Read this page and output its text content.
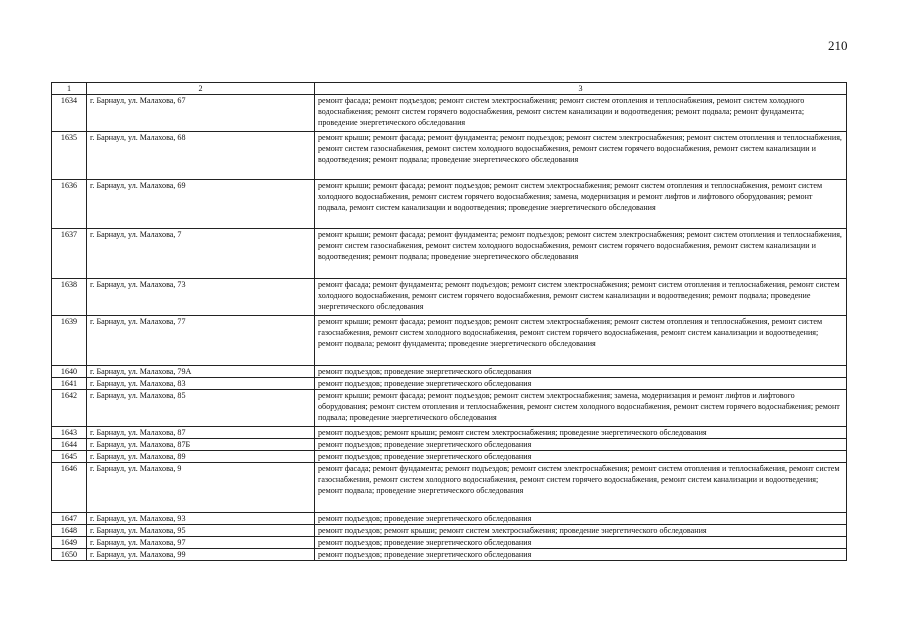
210
1	2	3
1634	г. Барнаул, ул. Малахова, 67	ремонт фасада; ремонт подъездов; ремонт систем электроснабжения; ремонт систем отопления и теплоснабжения, ремонт систем холодного водоснабжения; ремонт систем горячего водоснабжения, ремонт систем канализации и водоотведения; ремонт подвала; ремонт фундамента; проведение энергетического обследования
1635	г. Барнаул, ул. Малахова, 68	ремонт крыши; ремонт фасада; ремонт фундамента; ремонт подъездов; ремонт систем электроснабжения; ремонт систем отопления и теплоснабжения, ремонт систем газоснабжения, ремонт систем холодного водоснабжения, ремонт систем горячего водоснабжения, ремонт систем канализации и водоотведения; ремонт подвала; проведение энергетического обследования
1636	г. Барнаул, ул. Малахова, 69	ремонт крыши; ремонт фасада; ремонт подъездов; ремонт систем электроснабжения; ремонт систем отопления и теплоснабжения, ремонт систем холодного водоснабжения, ремонт систем горячего водоснабжения; замена, модернизация и ремонт лифтов и лифтового оборудования; ремонт подвала, ремонт систем канализации и водоотведения; проведение энергетического обследования
1637	г. Барнаул, ул. Малахова, 7	ремонт крыши; ремонт фасада; ремонт фундамента; ремонт подъездов; ремонт систем электроснабжения; ремонт систем отопления и теплоснабжения, ремонт систем газоснабжения, ремонт систем холодного водоснабжения, ремонт систем горячего водоснабжения, ремонт систем канализации и водоотведения; ремонт подвала; проведение энергетического обследования
1638	г. Барнаул, ул. Малахова, 73	ремонт фасада; ремонт фундамента; ремонт подъездов; ремонт систем электроснабжения; ремонт систем отопления и теплоснабжения, ремонт систем холодного водоснабжения, ремонт систем горячего водоснабжения, ремонт систем канализации и водоотведения; ремонт подвала; проведение энергетического обследования
1639	г. Барнаул, ул. Малахова, 77	ремонт крыши; ремонт фасада; ремонт подъездов; ремонт систем электроснабжения; ремонт систем отопления и теплоснабжения, ремонт систем газоснабжения, ремонт систем холодного водоснабжения, ремонт систем горячего водоснабжения, ремонт систем канализации и водоотведения; ремонт подвала; ремонт фундамента; проведение энергетического обследования
1640	г. Барнаул, ул. Малахова, 79А	ремонт подъездов; проведение энергетического обследования
1641	г. Барнаул, ул. Малахова, 83	ремонт подъездов; проведение энергетического обследования
1642	г. Барнаул, ул. Малахова, 85	ремонт крыши; ремонт фасада; ремонт подъездов; ремонт систем электроснабжения; замена, модернизация и ремонт лифтов и лифтового оборудования; ремонт систем отопления и теплоснабжения, ремонт систем холодного водоснабжения, ремонт систем горячего водоснабжения; ремонт подвала; проведение энергетического обследования
1643	г. Барнаул, ул. Малахова, 87	ремонт подъездов; ремонт крыши; ремонт систем электроснабжения; проведение энергетического обследования
1644	г. Барнаул, ул. Малахова, 87Б	ремонт подъездов; проведение энергетического обследования
1645	г. Барнаул, ул. Малахова, 89	ремонт подъездов; проведение энергетического обследования
1646	г. Барнаул, ул. Малахова, 9	ремонт фасада; ремонт фундамента; ремонт подъездов; ремонт систем электроснабжения; ремонт систем отопления и теплоснабжения, ремонт систем газоснабжения, ремонт систем холодного водоснабжения, ремонт систем горячего водоснабжения, ремонт систем канализации и водоотведения; ремонт подвала; проведение энергетического обследования
1647	г. Барнаул, ул. Малахова, 93	ремонт подъездов; проведение энергетического обследования
1648	г. Барнаул, ул. Малахова, 95	ремонт подъездов; ремонт крыши; ремонт систем электроснабжения; проведение энергетического обследования
1649	г. Барнаул, ул. Малахова, 97	ремонт подъездов; проведение энергетического обследования
1650	г. Барнаул, ул. Малахова, 99	ремонт подъездов; проведение энергетического обследования
